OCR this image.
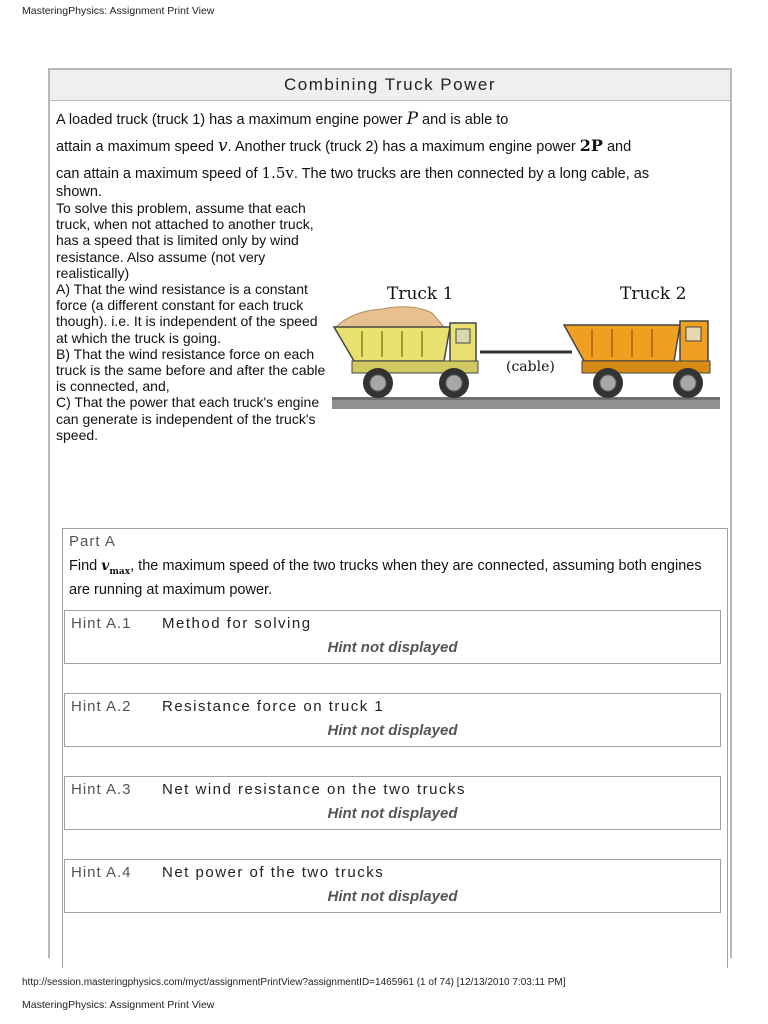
MasteringPhysics: Assignment Print View
Combining Truck Power
A loaded truck (truck 1) has a maximum engine power P and is able to
attain a maximum speed v. Another truck (truck 2) has a maximum engine power 2P and
can attain a maximum speed of 1.5v. The two trucks are then connected by a long cable, as
shown.
To solve this problem, assume that each truck, when not attached to another truck, has a speed that is limited only by wind resistance. Also assume (not very realistically)
A) That the wind resistance is a constant force (a different constant for each truck though). i.e. It is independent of the speed at which the truck is going.
B) That the wind resistance force on each truck is the same before and after the cable is connected, and,
C) That the power that each truck's engine can generate is independent of the truck's speed.
Truck 1	Truck 2
(cable)
Part A
Find $v_{max}$, the maximum speed of the two trucks when they are connected, assuming both engines are running at maximum power.
Hint A.1 Method for solving
Hint not displayed
Hint A.2 Resistance force on truck 1
Hint not displayed
Hint A.3 Net wind resistance on the two trucks
Hint not displayed
Hint A.4 Net power of the two trucks
Hint not displayed
http://session.masteringphysics.com/myct/assignmentPrintView?assignmentID=1465961 (1 of 74) [12/13/2010 7:03:11 PM]
MasteringPhysics: Assignment Print View
